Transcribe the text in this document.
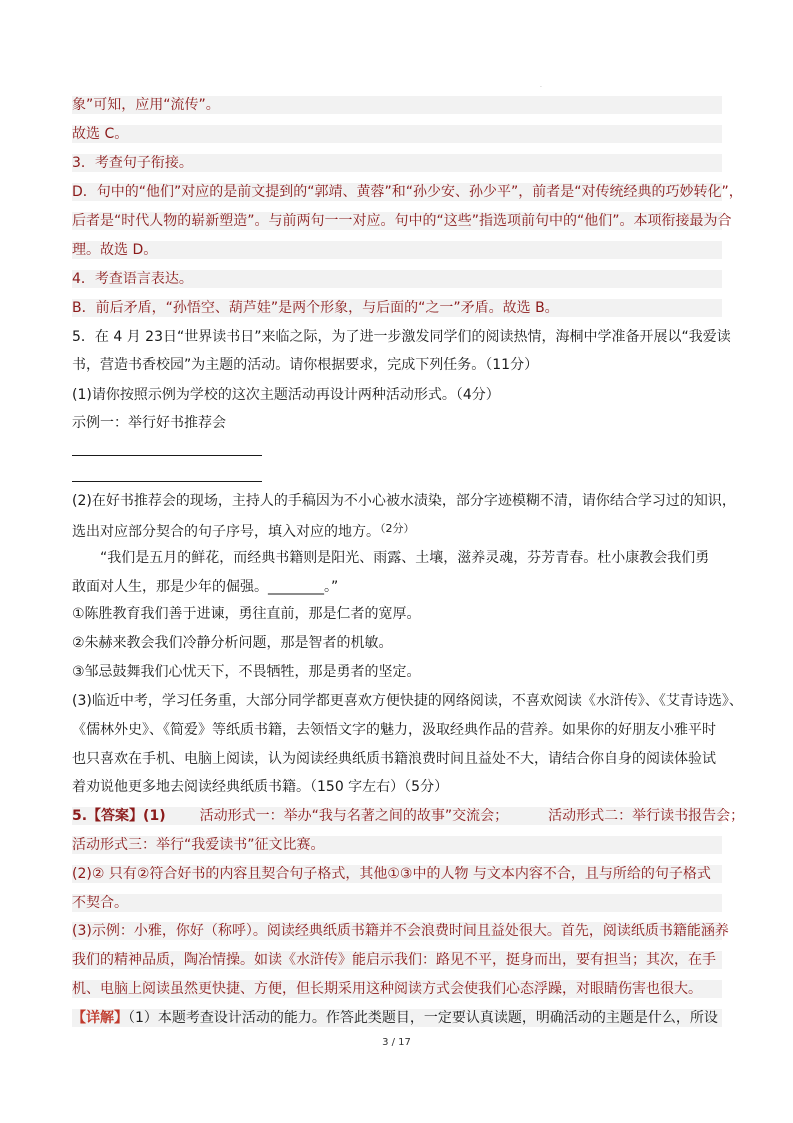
·
象”可知，应用“流传”。
故选 C。
3．考查句子衔接。
D．句中的“他们”对应的是前文提到的“郭靖、黄蓉”和“孙少安、孙少平”，前者是“对传统经典的巧妙转化”，
后者是“时代人物的崭新塑造”。与前两句一一对应。句中的“这些”指选项前句中的“他们”。本项衔接最为合
理。故选 D。
4．考查语言表达。
B．前后矛盾，“孙悟空、葫芦娃”是两个形象，与后面的“之一”矛盾。故选 B。
5．在 4 月 23日“世界读书日”来临之际，为了进一步激发同学们的阅读热情，海桐中学准备开展以“我爱读
书，营造书香校园”为主题的活动。请你根据要求，完成下列任务。（11分）
(1)请你按照示例为学校的这次主题活动再设计两种活动形式。（4分）
示例一：举行好书推荐会
(2)在好书推荐会的现场，主持人的手稿因为不小心被水渍染，部分字迹模糊不清，请你结合学习过的知识，
选出对应部分契合的句子序号，填入对应的地方。$^{(2分)}$
“我们是五月的鲜花，而经典书籍则是阳光、雨露、土壤，滋养灵魂，芬芳青春。杜小康教会我们勇
敢面对人生，那是少年的倔强。________。”
①陈胜教育我们善于进谏，勇往直前，那是仁者的宽厚。
②朱赫来教会我们冷静分析问题，那是智者的机敏。
③邹忌鼓舞我们心忧天下，不畏牺牲，那是勇者的坚定。
(3)临近中考，学习任务重，大部分同学都更喜欢方便快捷的网络阅读，不喜欢阅读《水浒传》、《艾青诗选》、
《儒林外史》、《简爱》等纸质书籍，去领悟文字的魅力，汲取经典作品的营养。如果你的好朋友小雅平时
也只喜欢在手机、电脑上阅读，认为阅读经典纸质书籍浪费时间且益处不大，请结合你自身的阅读体验试
着劝说他更多地去阅读经典纸质书籍。（150 字左右）（5分）
5.【答案】(1) 活动形式一：举办“我与名著之间的故事”交流会；	活动形式二：举行读书报告会；
活动形式三：举行“我爱读书”征文比赛。
(2)② 只有②符合好书的内容且契合句子格式，其他①③中的人物 与文本内容不合，且与所给的句子格式
不契合。
(3)示例：小雅，你好（称呼）。阅读经典纸质书籍并不会浪费时间且益处很大。首先，阅读纸质书籍能涵养
我们的精神品质，陶冶情操。如读《水浒传》能启示我们：路见不平，挺身而出，要有担当；其次，在手
机、电脑上阅读虽然更快捷、方便，但长期采用这种阅读方式会使我们心态浮躁，对眼睛伤害也很大。
【详解】（1）本题考查设计活动的能力。作答此类题目，一定要认真读题，明确活动的主题是什么，所设
3 / 17
